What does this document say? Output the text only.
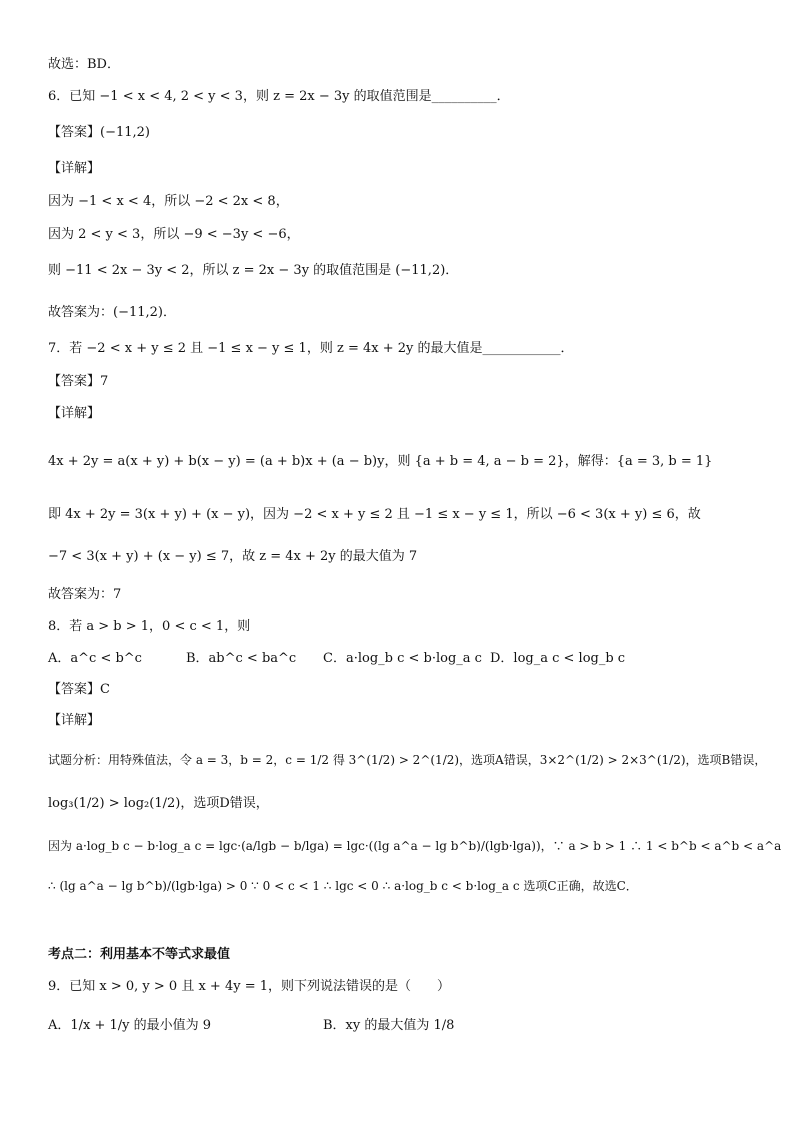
故选：BD．
6．已知 −1 < x < 4, 2 < y < 3，则 z = 2x − 3y 的取值范围是__________．
【答案】(−11,2)
【详解】
因为 −1 < x < 4，所以 −2 < 2x < 8，
因为 2 < y < 3，所以 −9 < −3y < −6，
则 −11 < 2x − 3y < 2，所以 z = 2x − 3y 的取值范围是 (−11,2)．
故答案为：(−11,2)．
7．若 −2 < x + y ≤ 2 且 −1 ≤ x − y ≤ 1，则 z = 4x + 2y 的最大值是____________．
【答案】7
【详解】
4x + 2y = a(x + y) + b(x − y) = (a + b)x + (a − b)y，则 {a + b = 4, a − b = 2}，解得：{a = 3, b = 1}
即 4x + 2y = 3(x + y) + (x − y)，因为 −2 < x + y ≤ 2 且 −1 ≤ x − y ≤ 1，所以 −6 < 3(x + y) ≤ 6，故
−7 < 3(x + y) + (x − y) ≤ 7，故 z = 4x + 2y 的最大值为 7
故答案为：7
8．若 a > b > 1，0 < c < 1，则
A．a^c < b^c	B．ab^c < ba^c C．a·log_b c < b·log_a c D．log_a c < log_b c
【答案】C
【详解】
试题分析：用特殊值法，令 a = 3，b = 2，c = 1/2 得 3^(1/2) > 2^(1/2)，选项A错误，3×2^(1/2) > 2×3^(1/2)，选项B错误，
log₃(1/2) > log₂(1/2)，选项D错误，
因为 a·log_b c − b·log_a c = lgc·(a/lgb − b/lga) = lgc·((lg a^a − lg b^b)/(lgb·lga))，∵ a > b > 1 ∴ 1 < b^b < a^b < a^a
∴ (lg a^a − lg b^b)/(lgb·lga) > 0 ∵ 0 < c < 1 ∴ lgc < 0 ∴ a·log_b c < b·log_a c 选项C正确，故选C．
考点二：利用基本不等式求最值
9．已知 x > 0, y > 0 且 x + 4y = 1，则下列说法错误的是（　　）
A．1/x + 1/y 的最小值为 9	B．xy 的最大值为 1/8
